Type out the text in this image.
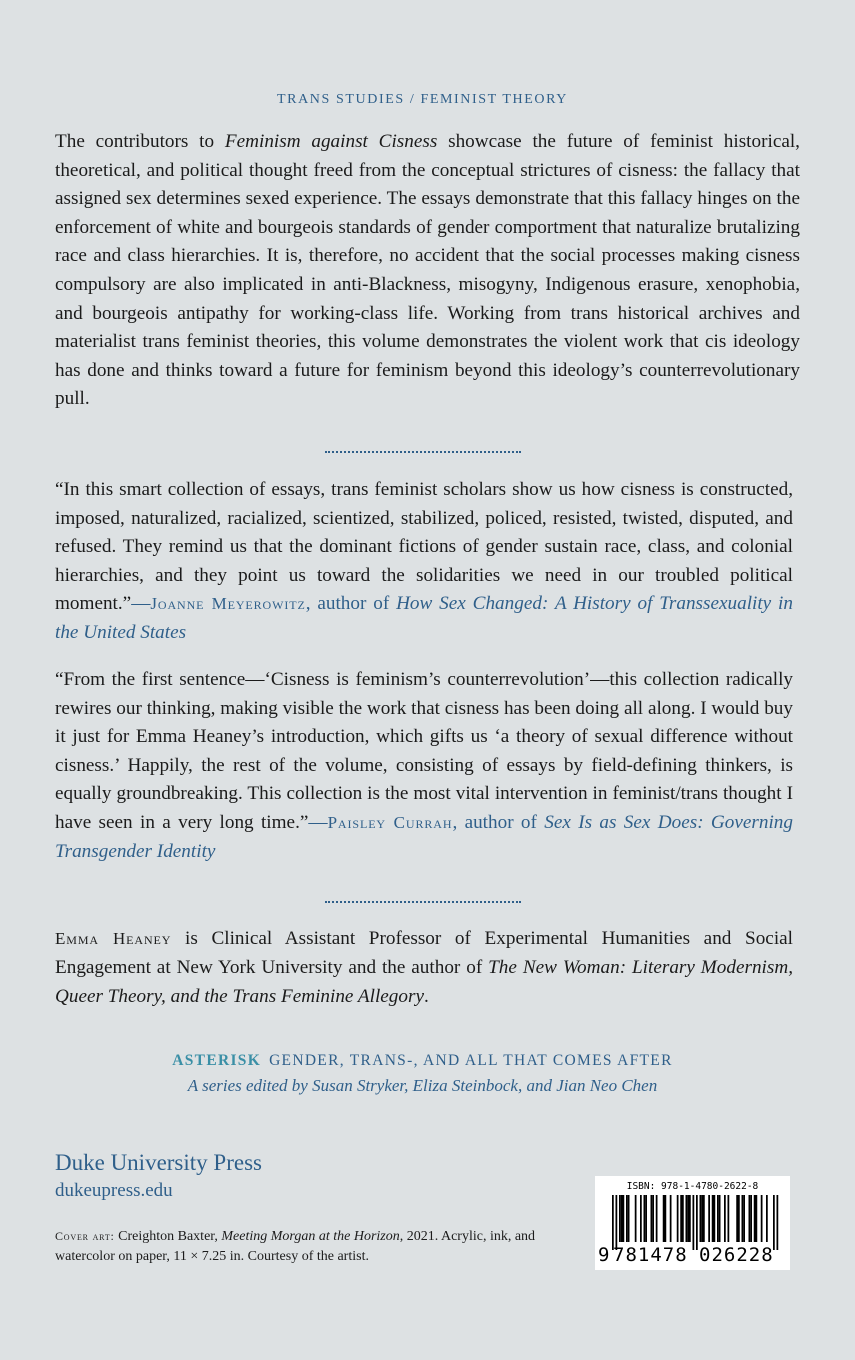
TRANS STUDIES / FEMINIST THEORY
The contributors to Feminism against Cisness showcase the future of feminist historical, theoretical, and political thought freed from the conceptual strictures of cisness: the fallacy that assigned sex determines sexed experience. The essays demonstrate that this fallacy hinges on the enforcement of white and bourgeois standards of gender comportment that naturalize brutalizing race and class hierarchies. It is, therefore, no accident that the social processes making cisness compulsory are also implicated in anti-Blackness, misogyny, Indigenous erasure, xenophobia, and bourgeois antipathy for working-class life. Working from trans historical archives and materialist trans feminist theories, this volume demonstrates the violent work that cis ideology has done and thinks toward a future for feminism beyond this ideology’s counterrevolutionary pull.
“In this smart collection of essays, trans feminist scholars show us how cisness is constructed, imposed, naturalized, racialized, scientized, stabilized, policed, resisted, twisted, disputed, and refused. They remind us that the dominant fictions of gender sustain race, class, and colonial hierarchies, and they point us toward the solidarities we need in our troubled political moment.”—Joanne Meyerowitz, author of How Sex Changed: A History of Transsexuality in the United States
“From the first sentence—‘Cisness is feminism’s counterrevolution’—this collection radically rewires our thinking, making visible the work that cisness has been doing all along. I would buy it just for Emma Heaney’s introduction, which gifts us ‘a theory of sexual difference without cisness.’ Happily, the rest of the volume, consisting of essays by field-defining thinkers, is equally groundbreaking. This collection is the most vital intervention in feminist/trans thought I have seen in a very long time.”—Paisley Currah, author of Sex Is as Sex Does: Governing Transgender Identity
Emma Heaney is Clinical Assistant Professor of Experimental Humanities and Social Engagement at New York University and the author of The New Woman: Literary Modernism, Queer Theory, and the Trans Feminine Allegory.
ASTERISK GENDER, TRANS-, AND ALL THAT COMES AFTER
A series edited by Susan Stryker, Eliza Steinbock, and Jian Neo Chen
Duke University Press
dukeupress.edu
Cover art: Creighton Baxter, Meeting Morgan at the Horizon, 2021. Acrylic, ink, and watercolor on paper, 11 × 7.25 in. Courtesy of the artist.
ISBN: 978-1-4780-2622-8
9 781478 026228
